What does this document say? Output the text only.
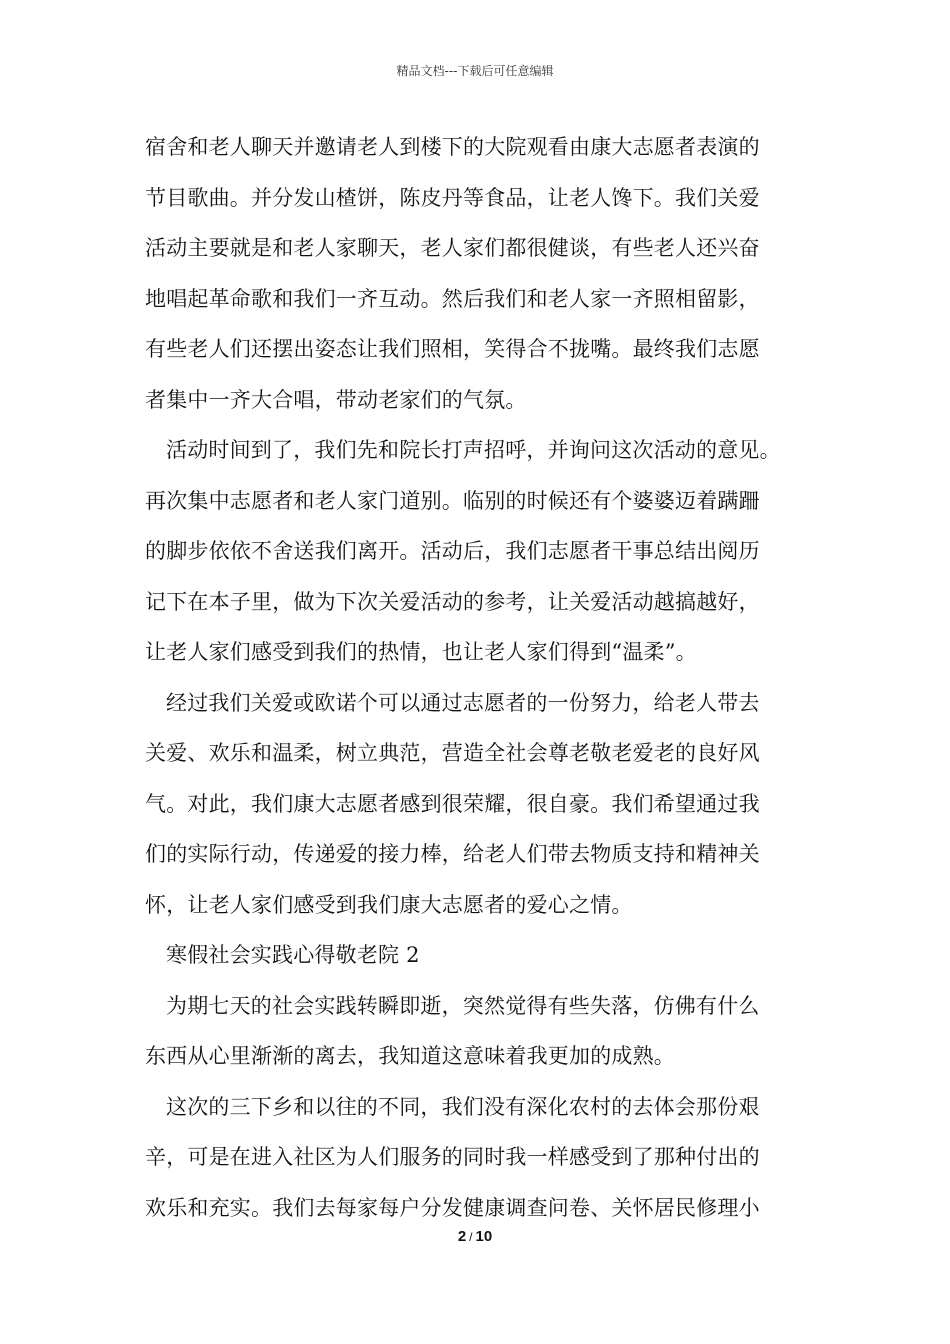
精品文档---下载后可任意编辑
宿舍和老人聊天并邀请老人到楼下的大院观看由康大志愿者表演的
节目歌曲。并分发山楂饼，陈皮丹等食品，让老人馋下。我们关爱
活动主要就是和老人家聊天，老人家们都很健谈，有些老人还兴奋
地唱起革命歌和我们一齐互动。然后我们和老人家一齐照相留影，
有些老人们还摆出姿态让我们照相，笑得合不拢嘴。最终我们志愿
者集中一齐大合唱，带动老家们的气氛。
活动时间到了，我们先和院长打声招呼，并询问这次活动的意见。
再次集中志愿者和老人家门道别。临别的时候还有个婆婆迈着蹒跚
的脚步依依不舍送我们离开。活动后，我们志愿者干事总结出阅历
记下在本子里，做为下次关爱活动的参考，让关爱活动越搞越好，
让老人家们感受到我们的热情，也让老人家们得到“温柔”。
经过我们关爱或欧诺个可以通过志愿者的一份努力，给老人带去
关爱、欢乐和温柔，树立典范，营造全社会尊老敬老爱老的良好风
气。对此，我们康大志愿者感到很荣耀，很自豪。我们希望通过我
们的实际行动，传递爱的接力棒，给老人们带去物质支持和精神关
怀，让老人家们感受到我们康大志愿者的爱心之情。
寒假社会实践心得敬老院 2
为期七天的社会实践转瞬即逝，突然觉得有些失落，仿佛有什么
东西从心里渐渐的离去，我知道这意味着我更加的成熟。
这次的三下乡和以往的不同，我们没有深化农村的去体会那份艰
辛，可是在进入社区为人们服务的同时我一样感受到了那种付出的
欢乐和充实。我们去每家每户分发健康调查问卷、关怀居民修理小
2 / 10
